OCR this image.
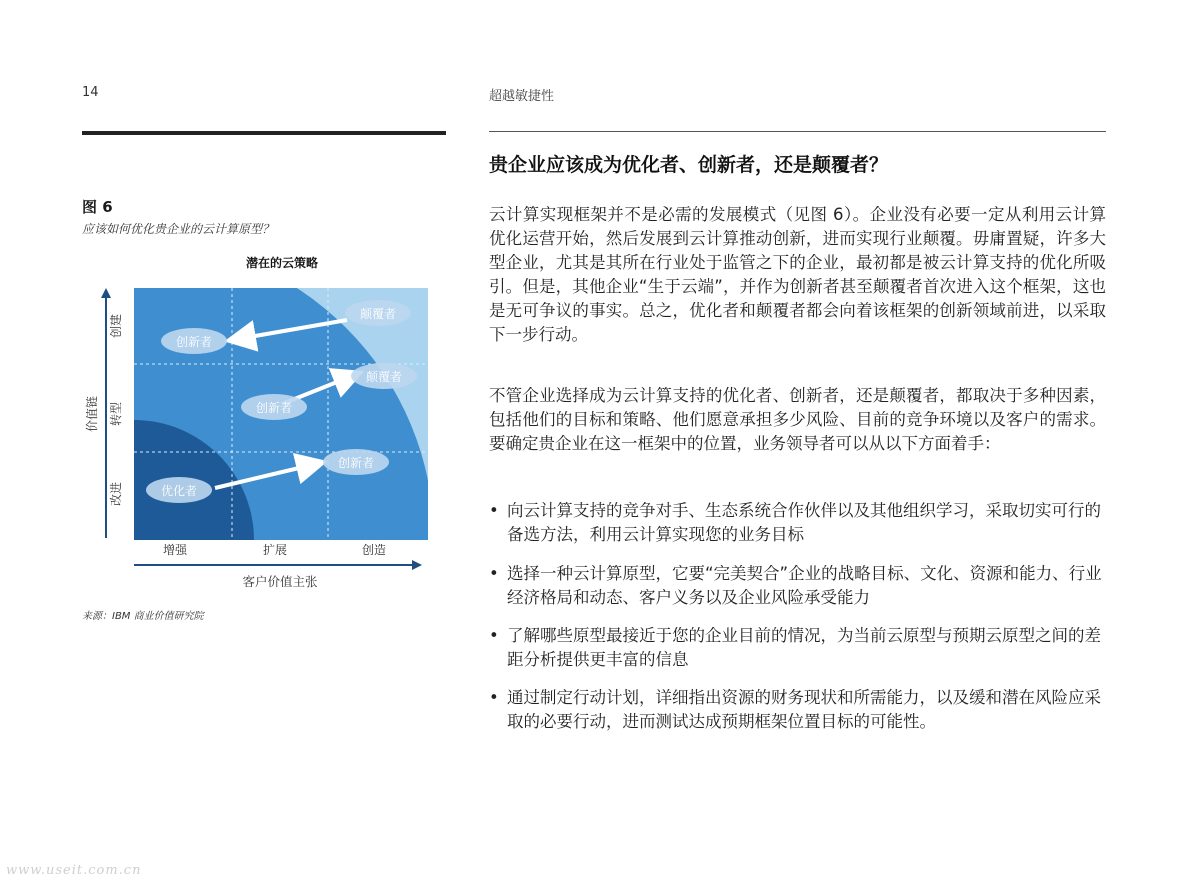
14	超越敏捷性
图 6
应该如何优化贵企业的云计算原型？
潜在的云策略
颠覆者
创新者
颠覆者
创新者
创新者
优化者
价值链
改进
转型
创建
增强	扩展	创造
客户价值主张
来源：IBM 商业价值研究院
贵企业应该成为优化者、创新者，还是颠覆者？
云计算实现框架并不是必需的发展模式（见图 6）。企业没有必要一定从利用云计算优化运营开始，然后发展到云计算推动创新，进而实现行业颠覆。毋庸置疑，许多大型企业，尤其是其所在行业处于监管之下的企业，最初都是被云计算支持的优化所吸引。但是，其他企业“生于云端”，并作为创新者甚至颠覆者首次进入这个框架，这也是无可争议的事实。总之，优化者和颠覆者都会向着该框架的创新领域前进，以采取下一步行动。
不管企业选择成为云计算支持的优化者、创新者，还是颠覆者，都取决于多种因素，包括他们的目标和策略、他们愿意承担多少风险、目前的竞争环境以及客户的需求。要确定贵企业在这一框架中的位置，业务领导者可以从以下方面着手：
• 向云计算支持的竞争对手、生态系统合作伙伴以及其他组织学习，采取切实可行的备选方法，利用云计算实现您的业务目标
• 选择一种云计算原型，它要“完美契合”企业的战略目标、文化、资源和能力、行业经济格局和动态、客户义务以及企业风险承受能力
• 了解哪些原型最接近于您的企业目前的情况，为当前云原型与预期云原型之间的差距分析提供更丰富的信息
• 通过制定行动计划，详细指出资源的财务现状和所需能力，以及缓和潜在风险应采取的必要行动，进而测试达成预期框架位置目标的可能性。
www.useit.com.cn
